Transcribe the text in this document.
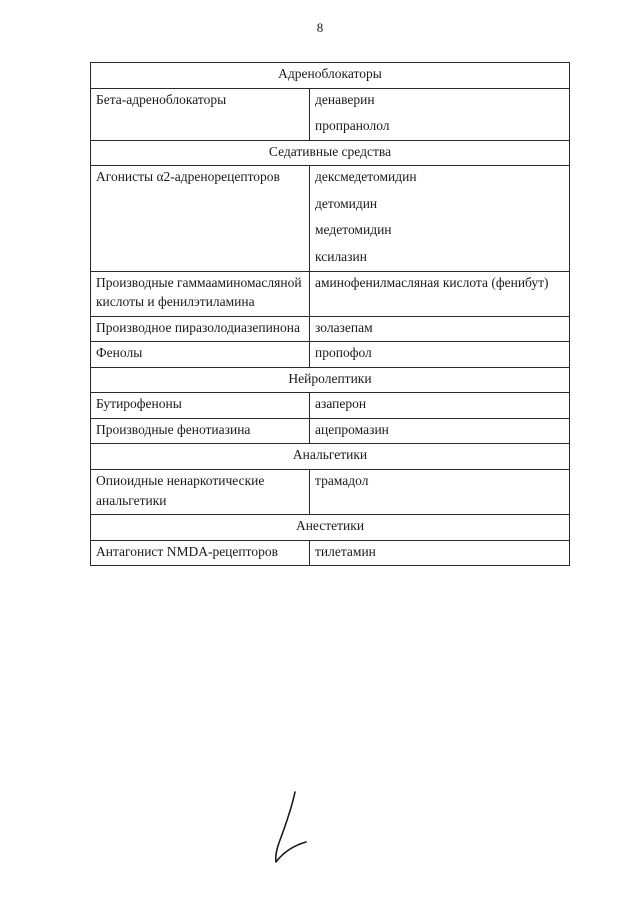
8
Адреноблокаторы	
Бета-адреноблокаторы	денаверин
пропранолол

Седативные средства	
Агонисты α2-адренорецепторов	дексмедетомидин
детомидин
медетомидин
ксилазин

Производные гаммааминомасляной кислоты и фенилэтиламина	аминофенилмасляная кислота (фенибут)

Производное пиразолодиазепинона	золазепам

Фенолы	пропофол

Нейролептики	
Бутирофеноны	азаперон

Производные фенотиазина	ацепромазин

Анальгетики	
Опиоидные ненаркотические анальгетики	трамадол

Анестетики	
Антагонист NMDA-рецепторов	тилетамин
